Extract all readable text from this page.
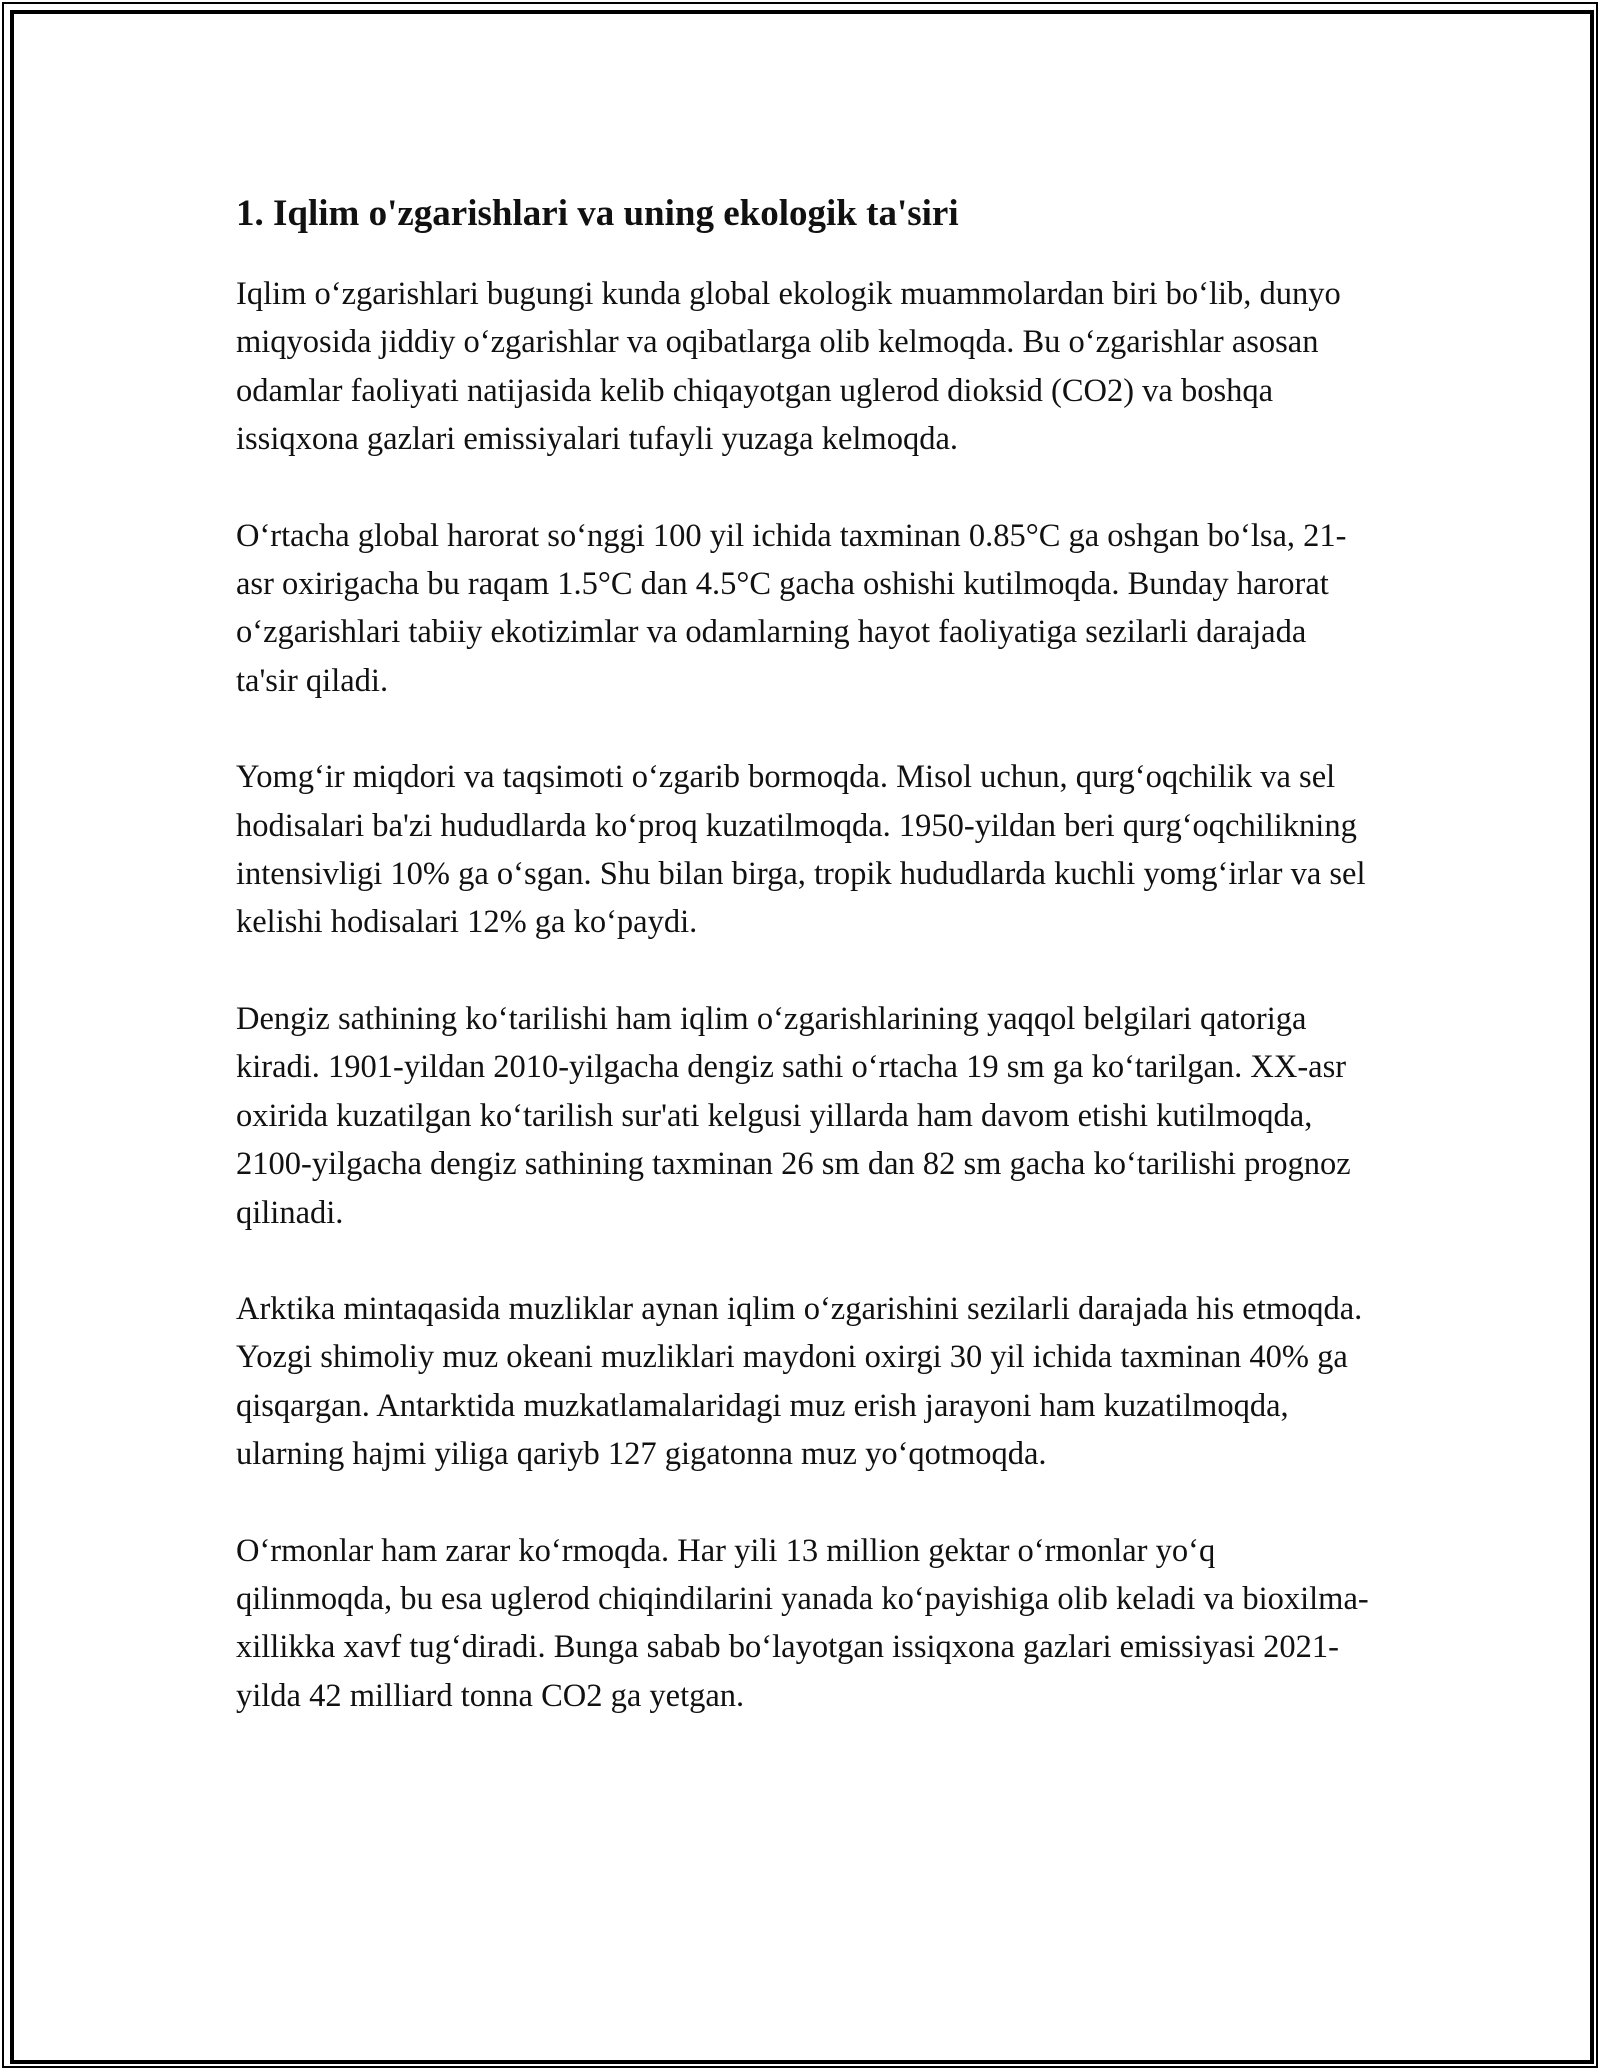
1. Iqlim o'zgarishlari va uning ekologik ta'siri

Iqlim o‘zgarishlari bugungi kunda global ekologik muammolardan biri bo‘lib, dunyo miqyosida jiddiy o‘zgarishlar va oqibatlarga olib kelmoqda. Bu o‘zgarishlar asosan odamlar faoliyati natijasida kelib chiqayotgan uglerod dioksid (CO2) va boshqa issiqxona gazlari emissiyalari tufayli yuzaga kelmoqda.

O‘rtacha global harorat so‘nggi 100 yil ichida taxminan 0.85°C ga oshgan bo‘lsa, 21-asr oxirigacha bu raqam 1.5°C dan 4.5°C gacha oshishi kutilmoqda. Bunday harorat o‘zgarishlari tabiiy ekotizimlar va odamlarning hayot faoliyatiga sezilarli darajada ta'sir qiladi.

Yomg‘ir miqdori va taqsimoti o‘zgarib bormoqda. Misol uchun, qurg‘oqchilik va sel hodisalari ba'zi hududlarda ko‘proq kuzatilmoqda. 1950-yildan beri qurg‘oqchilikning intensivligi 10% ga o‘sgan. Shu bilan birga, tropik hududlarda kuchli yomg‘irlar va sel kelishi hodisalari 12% ga ko‘paydi.

Dengiz sathining ko‘tarilishi ham iqlim o‘zgarishlarining yaqqol belgilari qatoriga kiradi. 1901-yildan 2010-yilgacha dengiz sathi o‘rtacha 19 sm ga ko‘tarilgan. XX-asr oxirida kuzatilgan ko‘tarilish sur'ati kelgusi yillarda ham davom etishi kutilmoqda, 2100-yilgacha dengiz sathining taxminan 26 sm dan 82 sm gacha ko‘tarilishi prognoz qilinadi.

Arktika mintaqasida muzliklar aynan iqlim o‘zgarishini sezilarli darajada his etmoqda. Yozgi shimoliy muz okeani muzliklari maydoni oxirgi 30 yil ichida taxminan 40% ga qisqargan. Antarktida muzkatlamalaridagi muz erish jarayoni ham kuzatilmoqda, ularning hajmi yiliga qariyb 127 gigatonna muz yo‘qotmoqda.

O‘rmonlar ham zarar ko‘rmoqda. Har yili 13 million gektar o‘rmonlar yo‘q qilinmoqda, bu esa uglerod chiqindilarini yanada ko‘payishiga olib keladi va bioxilma-xillikka xavf tug‘diradi. Bunga sabab bo‘layotgan issiqxona gazlari emissiyasi 2021-yilda 42 milliard tonna CO2 ga yetgan.
